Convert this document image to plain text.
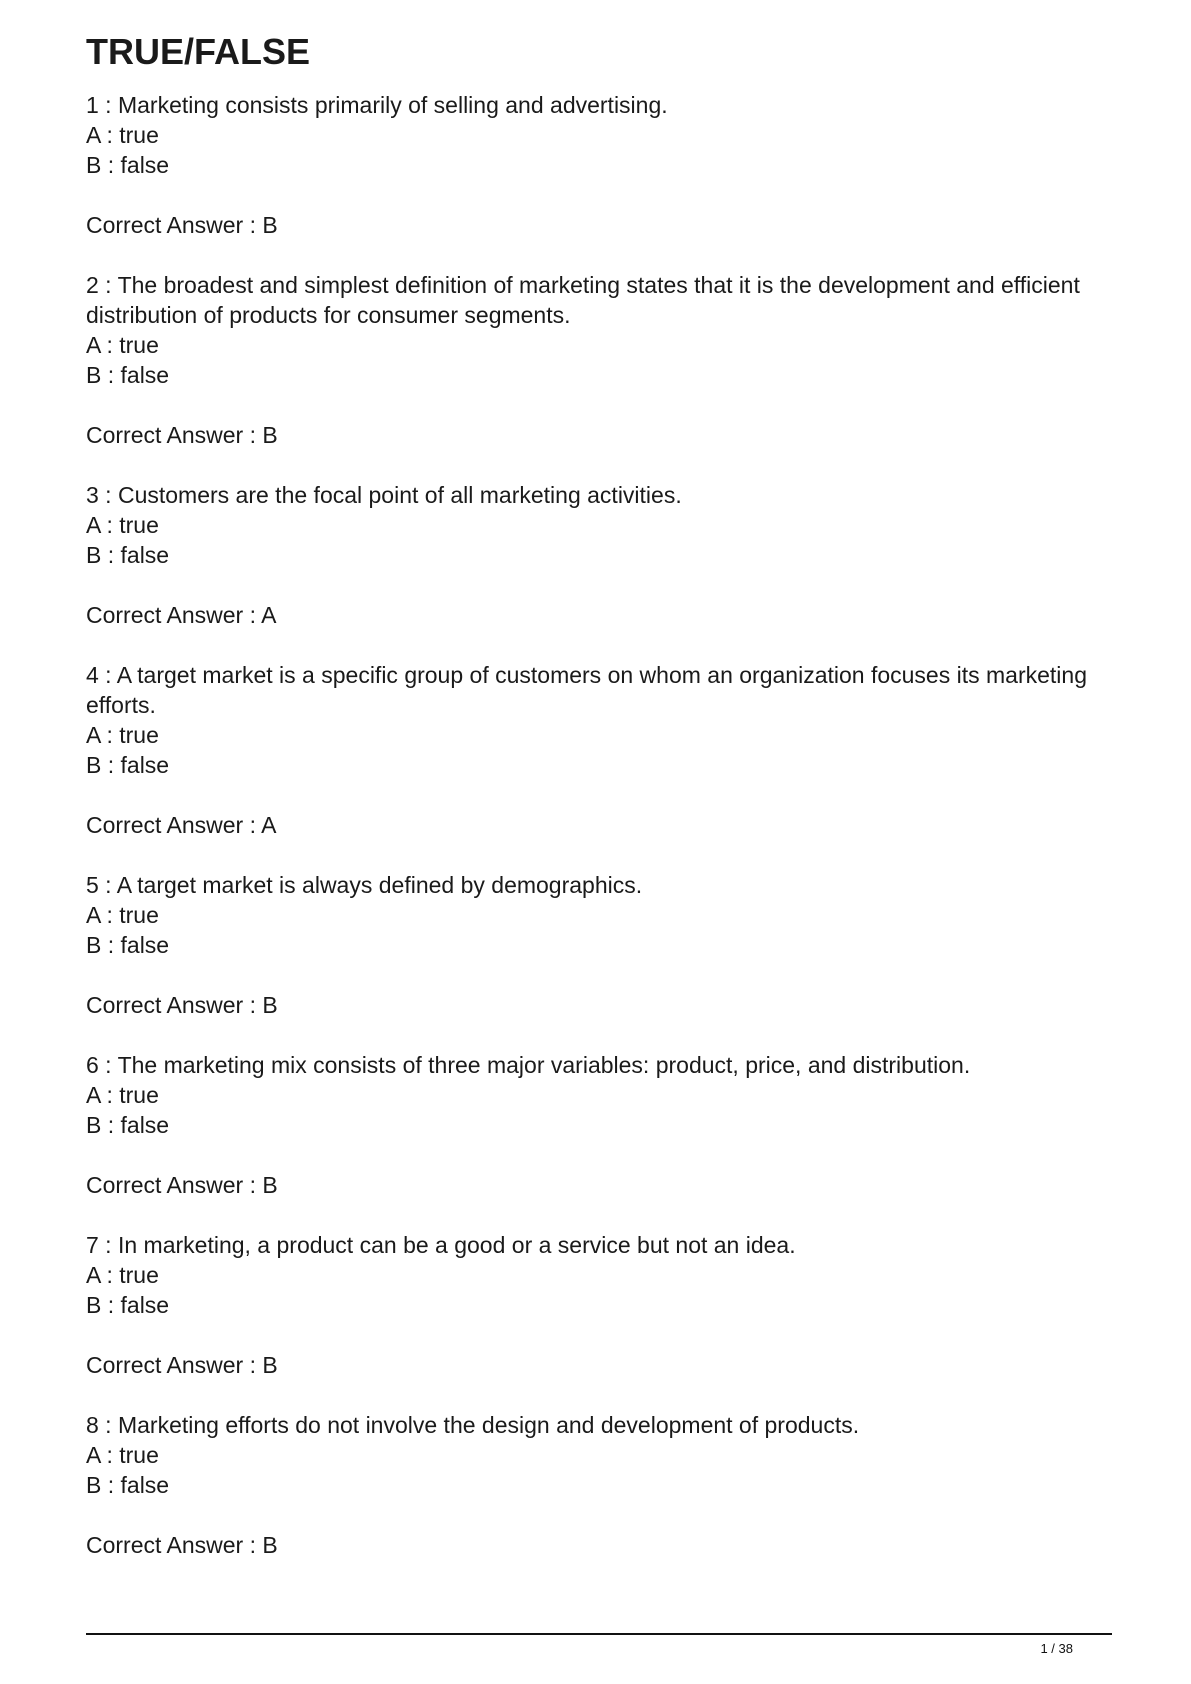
TRUE/FALSE
1 : Marketing consists primarily of selling and advertising.
A : true
B : false
Correct Answer : B
2 : The broadest and simplest definition of marketing states that it is the development and efficient distribution of products for consumer segments.
A : true
B : false
Correct Answer : B
3 : Customers are the focal point of all marketing activities.
A : true
B : false
Correct Answer : A
4 : A target market is a specific group of customers on whom an organization focuses its marketing efforts.
A : true
B : false
Correct Answer : A
5 : A target market is always defined by demographics.
A : true
B : false
Correct Answer : B
6 : The marketing mix consists of three major variables: product, price, and distribution.
A : true
B : false
Correct Answer : B
7 : In marketing, a product can be a good or a service but not an idea.
A : true
B : false
Correct Answer : B
8 : Marketing efforts do not involve the design and development of products.
A : true
B : false
Correct Answer : B
1 / 38
